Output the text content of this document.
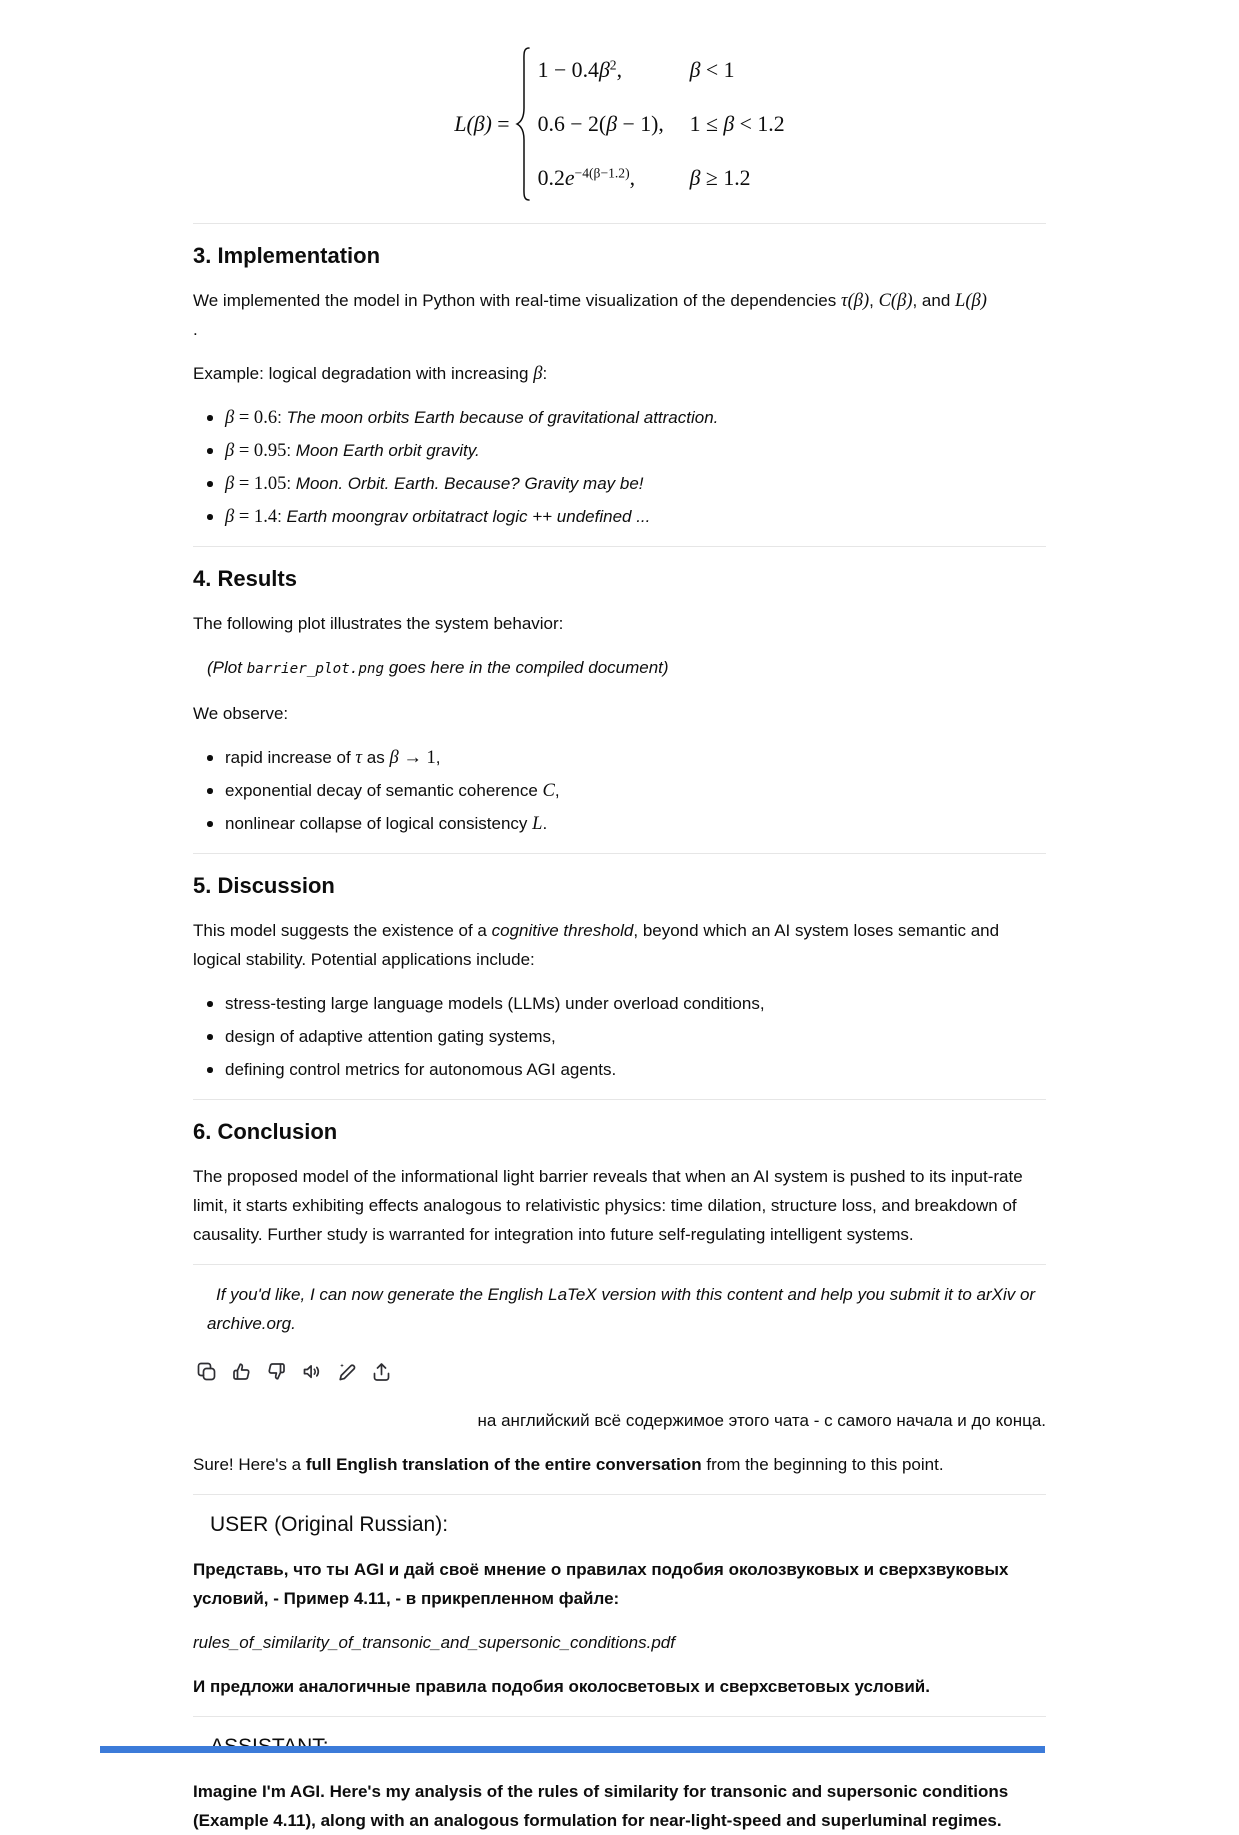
L(β) =
$1 - 0.4\beta^2$,	β < 1
0.6 − 2(β − 1),	1 ≤ β < 1.2
$0.2e^{-4(\beta-1.2)}$,	β ≥ 1.2
3. Implementation

We implemented the model in Python with real-time visualization of the dependencies τ(β), C(β), and L(β)
.

Example: logical degradation with increasing β:

β = 0.6: The moon orbits Earth because of gravitational attraction.
β = 0.95: Moon Earth orbit gravity.
β = 1.05: Moon. Orbit. Earth. Because? Gravity may be!
β = 1.4: Earth moongrav orbitatract logic ++ undefined ...
4. Results

The following plot illustrates the system behavior:

(Plot barrier_plot.png goes here in the compiled document)

We observe:

rapid increase of τ as β → 1,
exponential decay of semantic coherence C,
nonlinear collapse of logical consistency L.
5. Discussion

This model suggests the existence of a cognitive threshold, beyond which an AI system loses semantic and logical stability. Potential applications include:

stress-testing large language models (LLMs) under overload conditions,
design of adaptive attention gating systems,
defining control metrics for autonomous AGI agents.
6. Conclusion

The proposed model of the informational light barrier reveals that when an AI system is pushed to its input-rate limit, it starts exhibiting effects analogous to relativistic physics: time dilation, structure loss, and breakdown of causality. Further study is warranted for integration into future self-regulating intelligent systems.

If you'd like, I can now generate the English LaTeX version with this content and help you submit it to arXiv or archive.org.

на английский всё содержимое этого чата - с самого начала и до конца.

Sure! Here's a full English translation of the entire conversation from the beginning to this point.

USER (Original Russian):

Представь, что ты AGI и дай своё мнение о правилах подобия околозвуковых и сверхзвуковых условий, - Пример 4.11, - в прикрепленном файле:

rules_of_similarity_of_transonic_and_supersonic_conditions.pdf

И предложи аналогичные правила подобия околосветовых и сверхсветовых условий.

Imagine I'm AGI. Here's my analysis of the rules of similarity for transonic and supersonic conditions (Example 4.11), along with an analogous formulation for near-light-speed and superluminal regimes.
